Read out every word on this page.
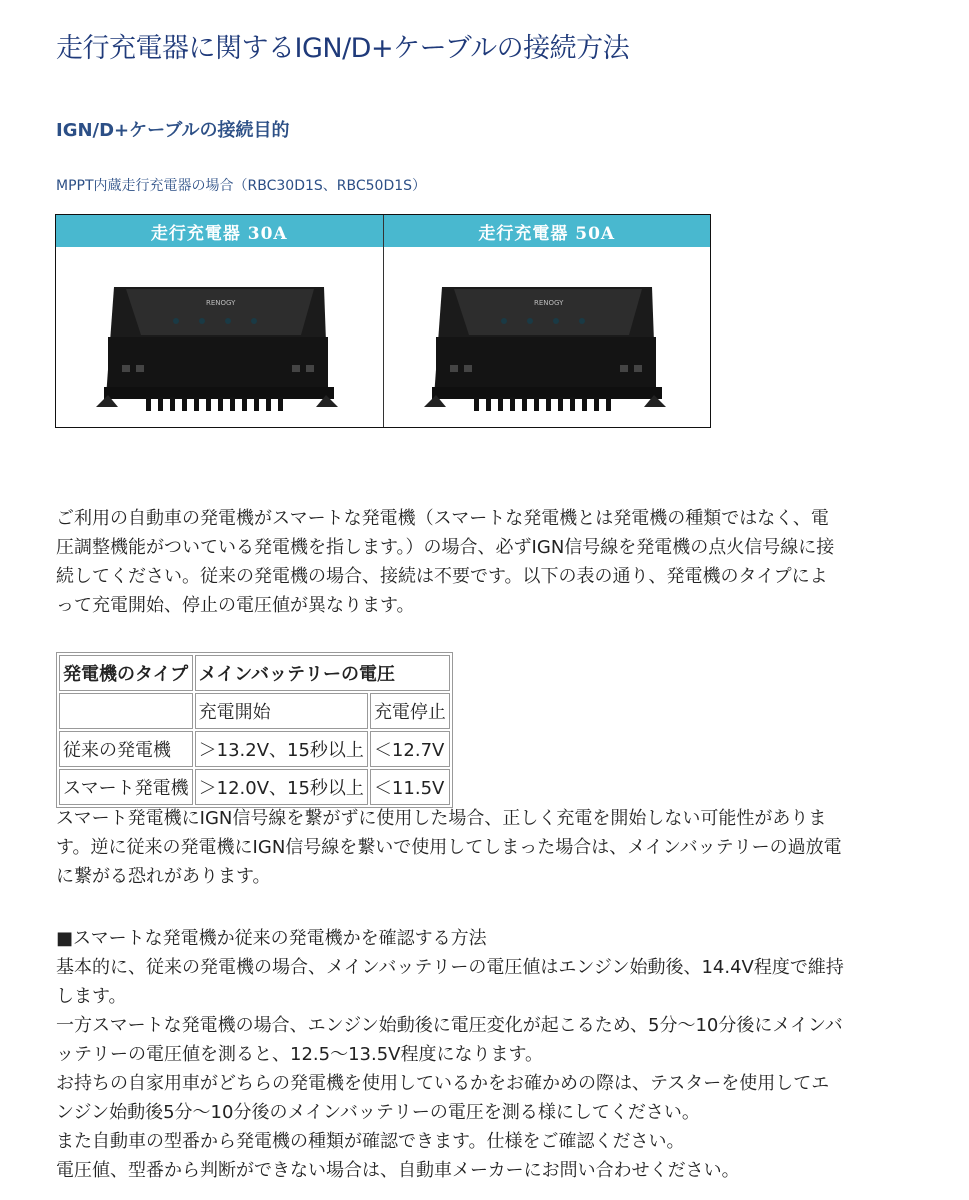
走行充電器に関するIGN/D+ケーブルの接続方法
IGN/D+ケーブルの接続目的

MPPT内蔵走行充電器の場合（RBC30D1S、RBC50D1S）

走行充電器 30A
RENOGY
走行充電器 50A
RENOGY

ご利用の自動車の発電機がスマートな発電機（スマートな発電機とは発電機の種類ではなく、電
圧調整機能がついている発電機を指します。）の場合、必ずIGN信号線を発電機の点火信号線に接
続してください。従来の発電機の場合、接続は不要です。以下の表の通り、発電機のタイプによ
って充電開始、停止の電圧値が異なります。

発電機のタイプ	メインバッテリーの電圧	
	充電開始	充電停止
従来の発電機	＞13.2V、15秒以上	＜12.7V
スマート発電機	＞12.0V、15秒以上	＜11.5V

スマート発電機にIGN信号線を繋がずに使用した場合、正しく充電を開始しない可能性がありま
す。逆に従来の発電機にIGN信号線を繋いで使用してしまった場合は、メインバッテリーの過放電
に繋がる恐れがあります。

■スマートな発電機か従来の発電機かを確認する方法
基本的に、従来の発電機の場合、メインバッテリーの電圧値はエンジン始動後、14.4V程度で維持
します。
一方スマートな発電機の場合、エンジン始動後に電圧変化が起こるため、5分～10分後にメインバ
ッテリーの電圧値を測ると、12.5～13.5V程度になります。
お持ちの自家用車がどちらの発電機を使用しているかをお確かめの際は、テスターを使用してエ
ンジン始動後5分～10分後のメインバッテリーの電圧を測る様にしてください。
また自動車の型番から発電機の種類が確認できます。仕様をご確認ください。
電圧値、型番から判断ができない場合は、自動車メーカーにお問い合わせください。
